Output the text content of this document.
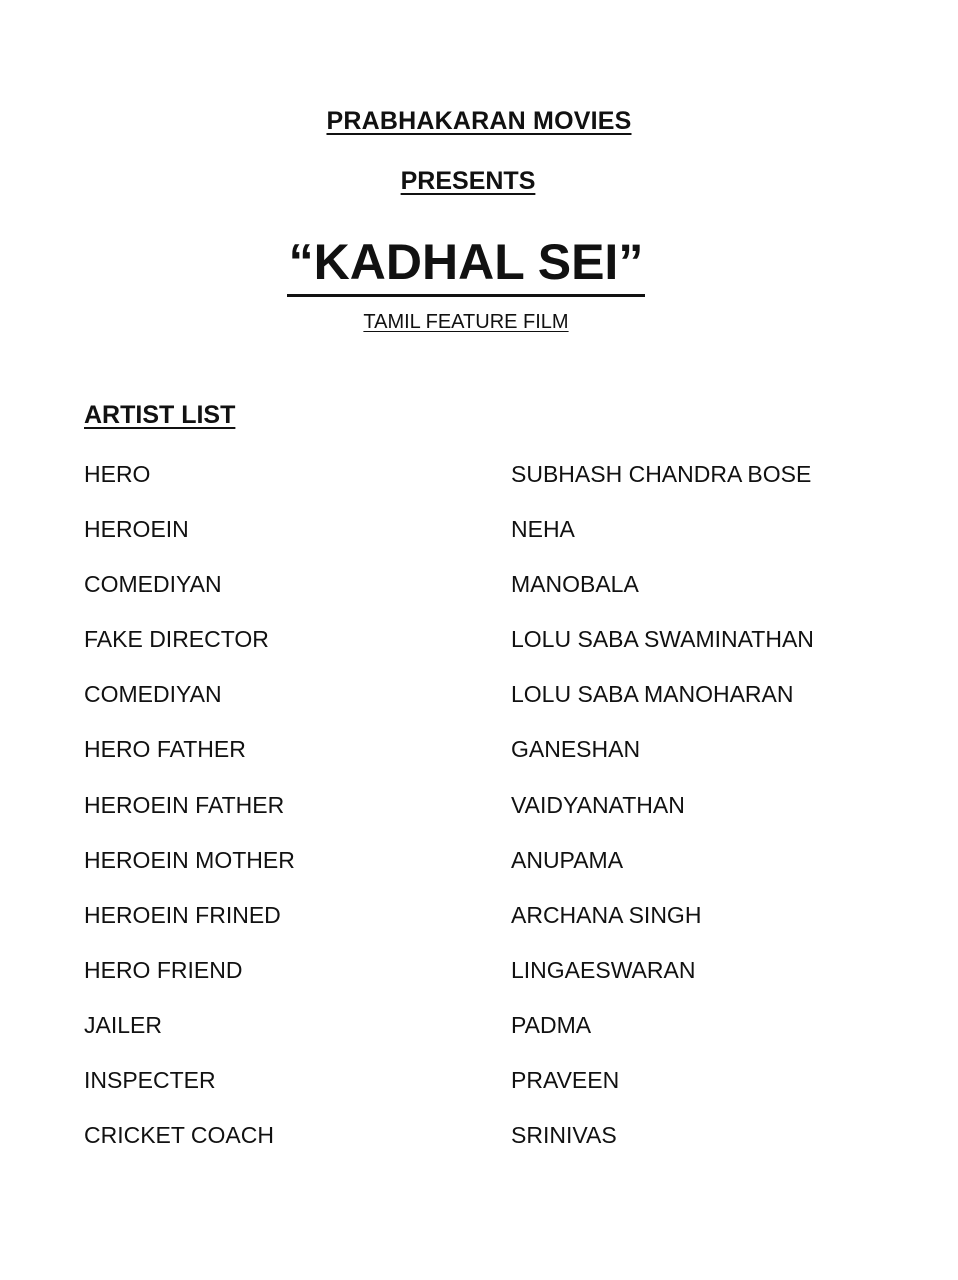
PRABHAKARAN MOVIES
PRESENTS
“KADHAL SEI”
TAMIL FEATURE FILM
ARTIST LIST
HERO	SUBHASH CHANDRA BOSE
HEROEIN	NEHA
COMEDIYAN	MANOBALA
FAKE DIRECTOR	LOLU SABA SWAMINATHAN
COMEDIYAN	LOLU SABA MANOHARAN
HERO FATHER	GANESHAN
HEROEIN FATHER	VAIDYANATHAN
HEROEIN MOTHER	ANUPAMA
HEROEIN FRINED	ARCHANA SINGH
HERO FRIEND	LINGAESWARAN
JAILER	PADMA
INSPECTER	PRAVEEN
CRICKET COACH	SRINIVAS
